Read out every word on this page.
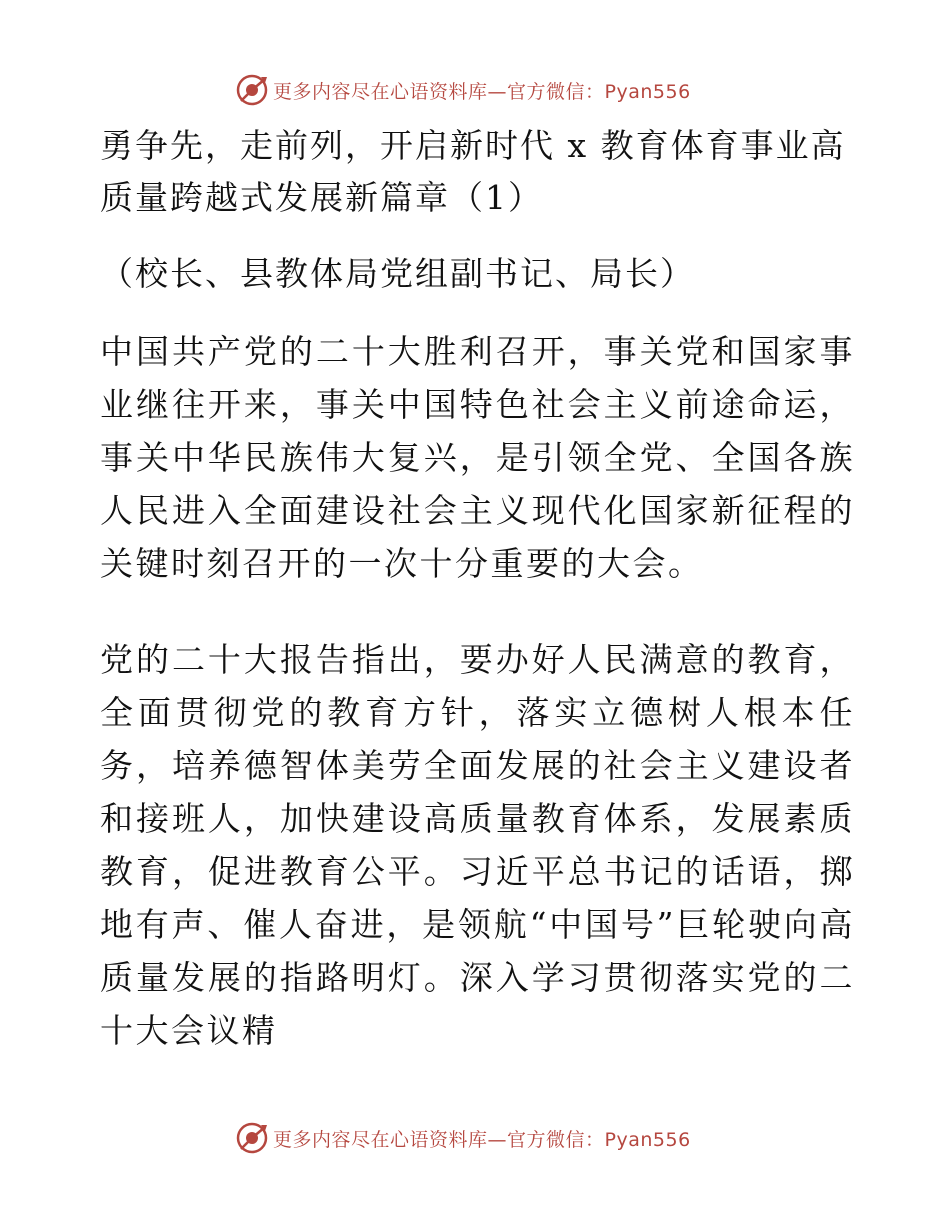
更多内容尽在心语资料库—官方微信：Pyan556
勇争先，走前列，开启新时代 x 教育体育事业高质量跨越式发展新篇章（1）

（校长、县教体局党组副书记、局长）

中国共产党的二十大胜利召开，事关党和国家事业继往开来，事关中国特色社会主义前途命运，事关中华民族伟大复兴，是引领全党、全国各族人民进入全面建设社会主义现代化国家新征程的关键时刻召开的一次十分重要的大会。

党的二十大报告指出，要办好人民满意的教育，全面贯彻党的教育方针，落实立德树人根本任务，培养德智体美劳全面发展的社会主义建设者和接班人，加快建设高质量教育体系，发展素质教育，促进教育公平。习近平总书记的话语，掷地有声、催人奋进，是领航“中国号”巨轮驶向高质量发展的指路明灯。深入学习贯彻落实党的二十大会议精

更多内容尽在心语资料库—官方微信：Pyan556
